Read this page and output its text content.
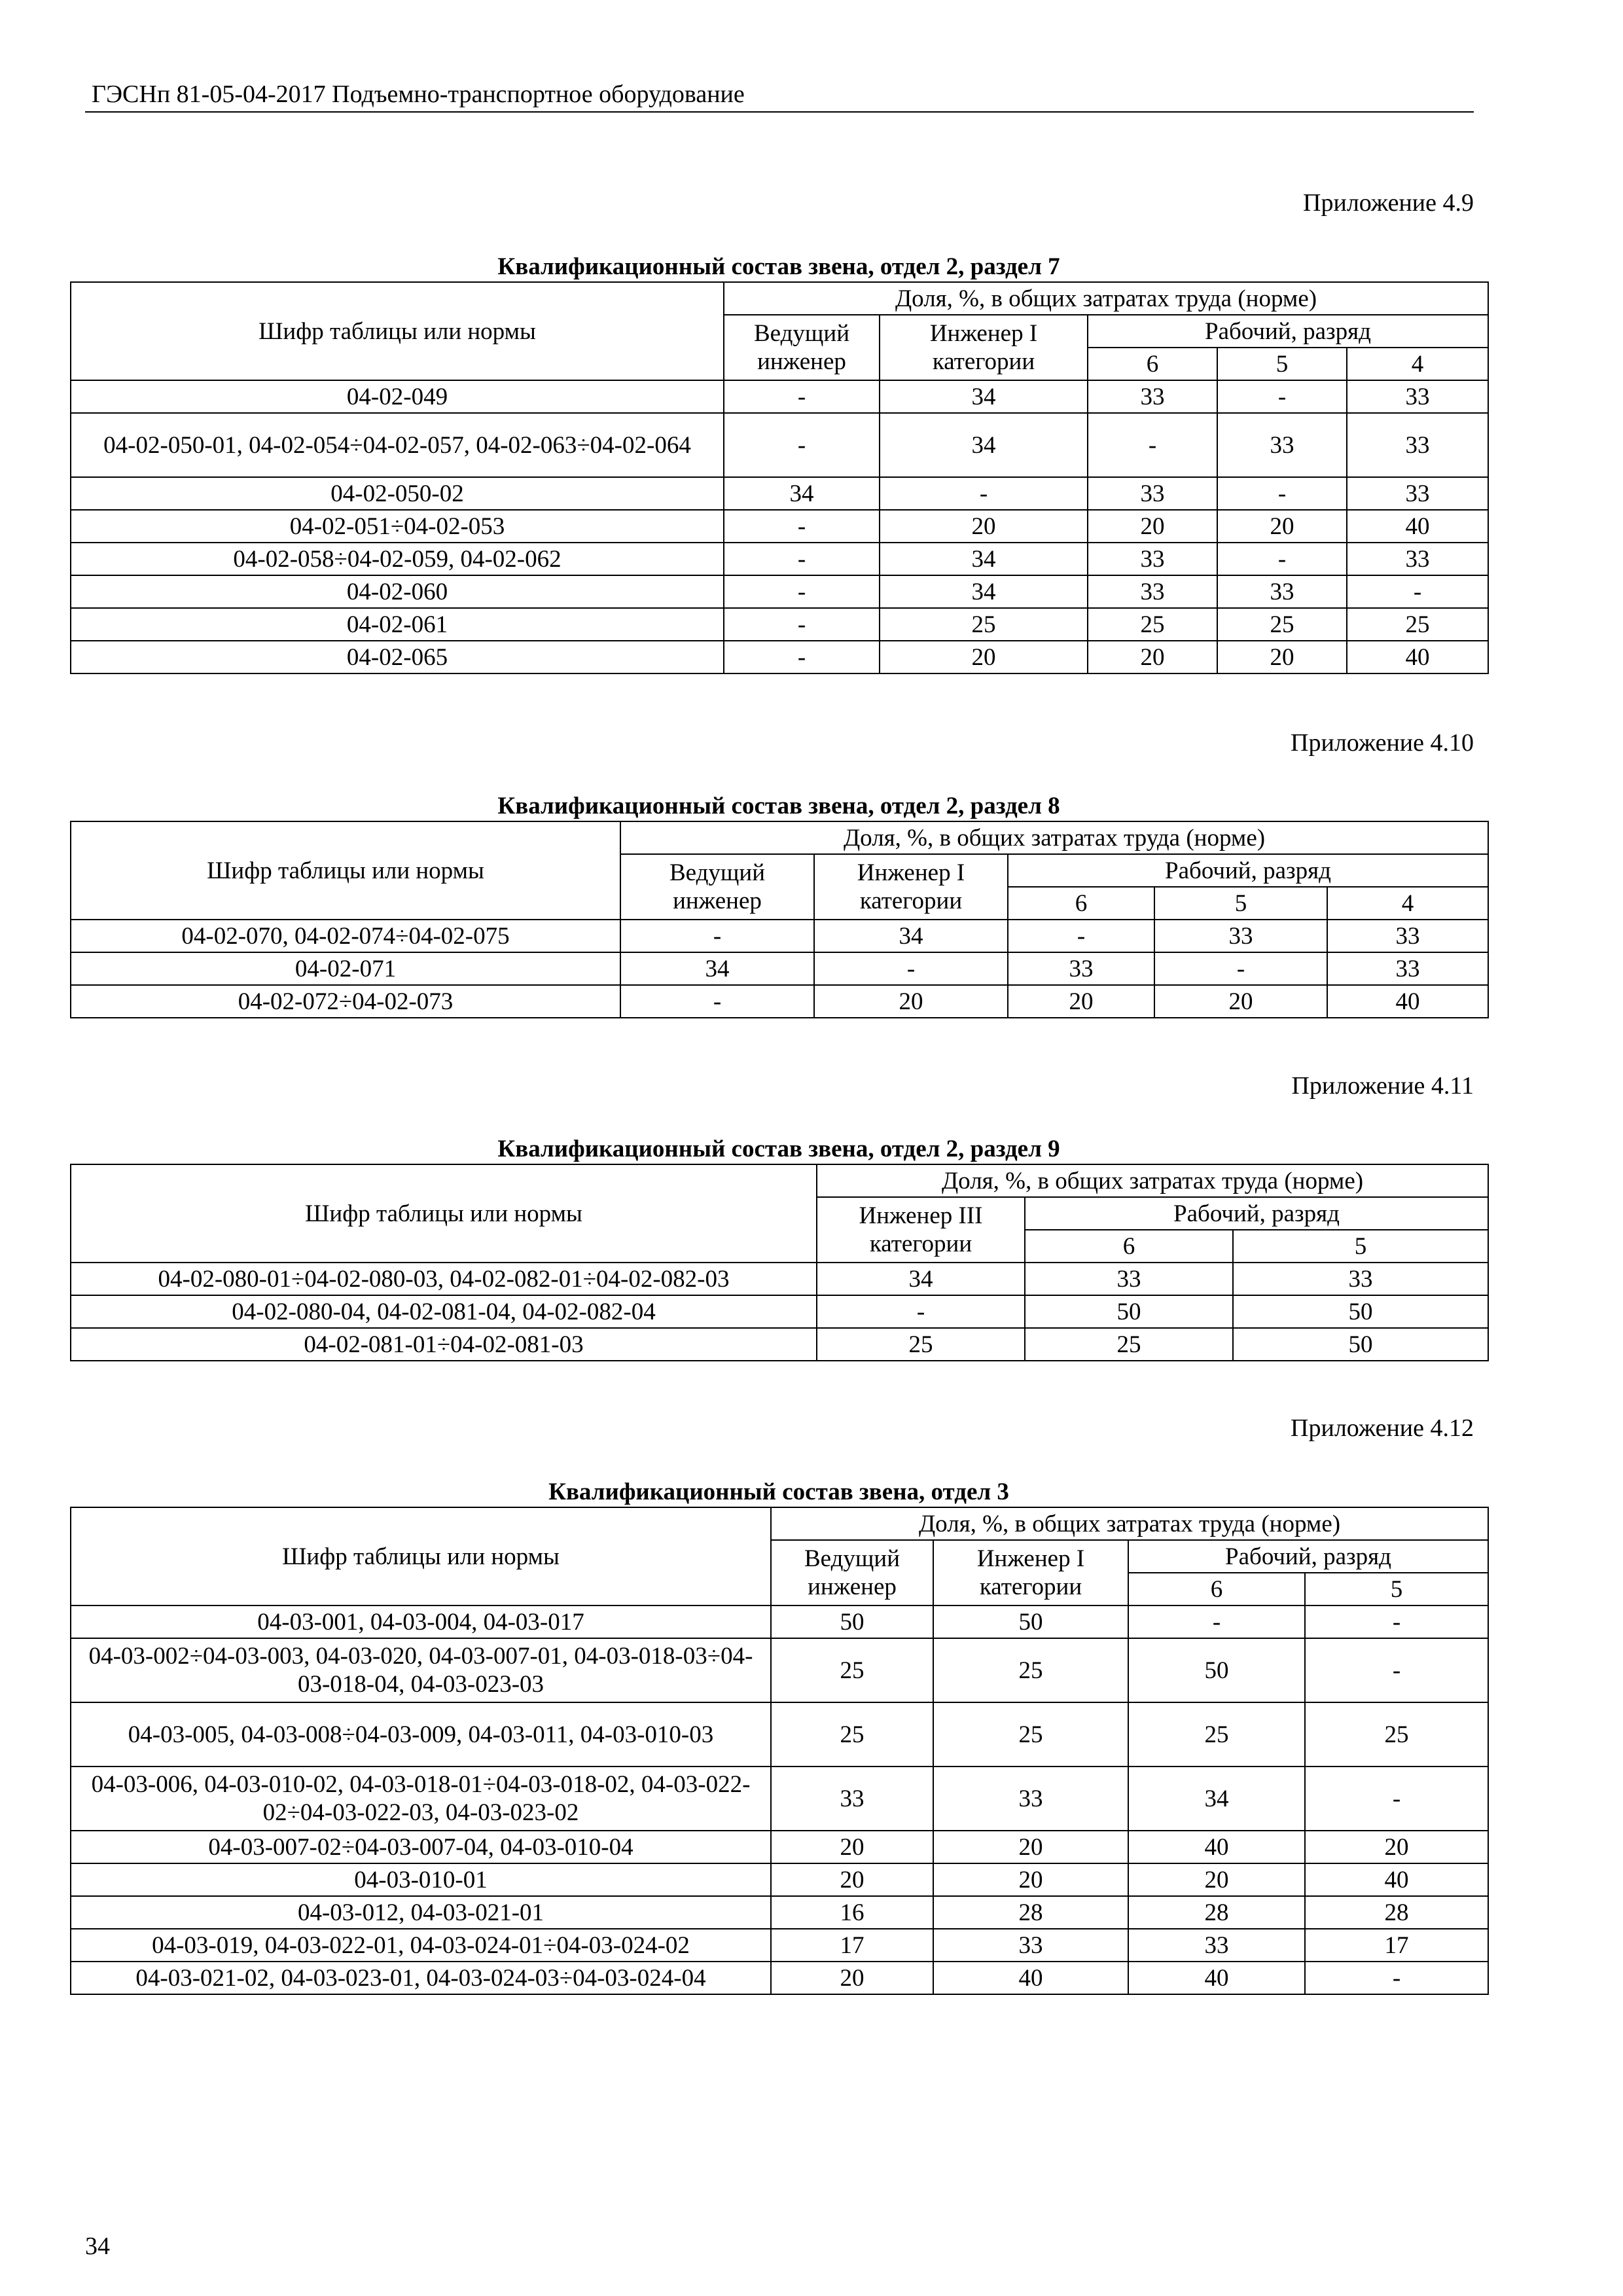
ГЭСНп 81-05-04-2017 Подъемно-транспортное оборудование
Приложение 4.9
Квалификационный состав звена, отдел 2, раздел 7
Шифр таблицы или нормы	Доля, %, в общих затратах труда (норме)				
	Ведущий инженер	Инженер I категории	Рабочий, разряд		
			6	5	4
04-02-049	-	34	33	-	33
04-02-050-01, 04-02-054÷04-02-057, 04-02-063÷04-02-064	-	34	-	33	33
04-02-050-02	34	-	33	-	33
04-02-051÷04-02-053	-	20	20	20	40
04-02-058÷04-02-059, 04-02-062	-	34	33	-	33
04-02-060	-	34	33	33	-
04-02-061	-	25	25	25	25
04-02-065	-	20	20	20	40
Приложение 4.10
Квалификационный состав звена, отдел 2, раздел 8
Шифр таблицы или нормы	Доля, %, в общих затратах труда (норме)				
	Ведущий инженер	Инженер I категории	Рабочий, разряд		
			6	5	4
04-02-070, 04-02-074÷04-02-075	-	34	-	33	33
04-02-071	34	-	33	-	33
04-02-072÷04-02-073	-	20	20	20	40
Приложение 4.11
Квалификационный состав звена, отдел 2, раздел 9
Шифр таблицы или нормы	Доля, %, в общих затратах труда (норме)		
	Инженер III категории	Рабочий, разряд	
		6	5
04-02-080-01÷04-02-080-03, 04-02-082-01÷04-02-082-03	34	33	33
04-02-080-04, 04-02-081-04, 04-02-082-04	-	50	50
04-02-081-01÷04-02-081-03	25	25	50
Приложение 4.12
Квалификационный состав звена, отдел 3
Шифр таблицы или нормы	Доля, %, в общих затратах труда (норме)			
	Ведущий инженер	Инженер I категории	Рабочий, разряд	
			6	5
04-03-001, 04-03-004, 04-03-017	50	50	-	-
04-03-002÷04-03-003, 04-03-020, 04-03-007-01, 04-03-018-03÷04-03-018-04, 04-03-023-03	25	25	50	-
04-03-005, 04-03-008÷04-03-009, 04-03-011, 04-03-010-03	25	25	25	25
04-03-006, 04-03-010-02, 04-03-018-01÷04-03-018-02, 04-03-022-02÷04-03-022-03, 04-03-023-02	33	33	34	-
04-03-007-02÷04-03-007-04, 04-03-010-04	20	20	40	20
04-03-010-01	20	20	20	40
04-03-012, 04-03-021-01	16	28	28	28
04-03-019, 04-03-022-01, 04-03-024-01÷04-03-024-02	17	33	33	17
04-03-021-02, 04-03-023-01, 04-03-024-03÷04-03-024-04	20	40	40	-
34
